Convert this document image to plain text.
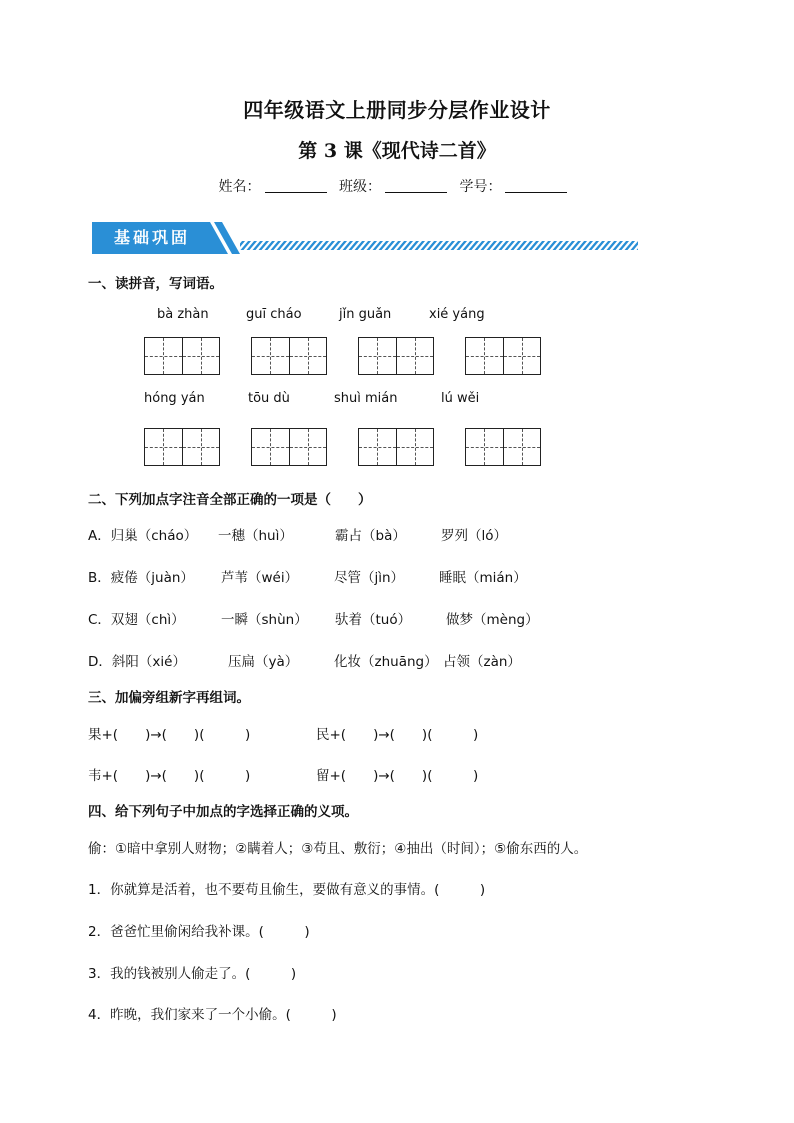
四年级语文上册同步分层作业设计
第 3 课《现代诗二首》
姓名：	班级：	学号：
基础巩固
一、读拼音，写词语。
bà zhàn	guī cháo	jǐn guǎn	xié yáng
hóng yán	tōu dù	shuì mián	lú wěi
二、下列加点字注音全部正确的一项是（　　）
A．归巢（cháo） 一穗（huì）	霸占（bà）	罗列（ló）
B．疲倦（juàn） 芦苇（wéi）	尽管（jìn）	睡眠（mián）
C．双翅（chì）	一瞬（shùn） 驮着（tuó）	做梦（mèng）
D．斜阳（xié）	压扁（yà）	化妆（zhuāng） 占领（zàn）
三、加偏旁组新字再组词。
果+(　　)→(　　)(　　　)	民+(　　)→(　　)(　　　)
韦+(　　)→(　　)(　　　)	留+(　　)→(　　)(　　　)
四、给下列句子中加点的字选择正确的义项。
偷：①暗中拿别人财物；②瞒着人；③苟且、敷衍；④抽出（时间）；⑤偷东西的人。
1．你就算是活着，也不要苟且偷生，要做有意义的事情。(　　　)
2．爸爸忙里偷闲给我补课。(　　　)
3．我的钱被别人偷走了。(　　　)
4．昨晚，我们家来了一个小偷。(　　　)
